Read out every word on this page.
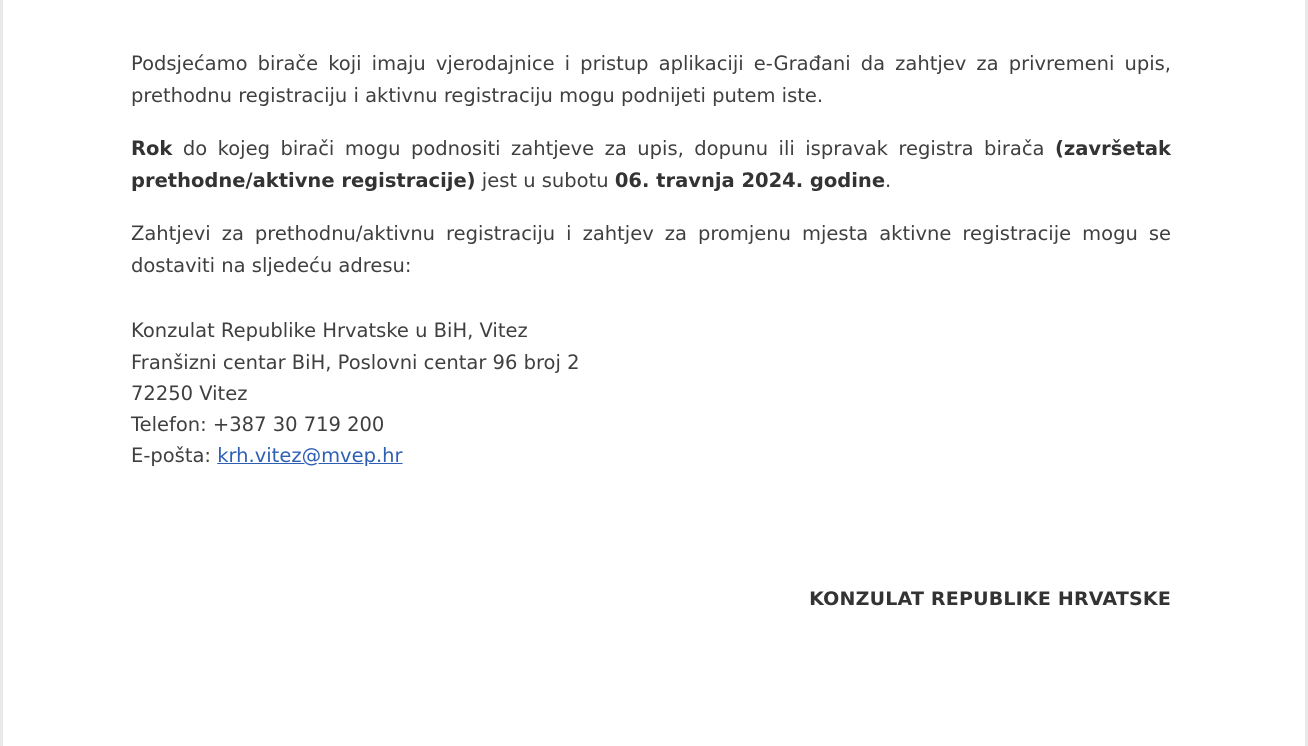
Podsjećamo birače koji imaju vjerodajnice i pristup aplikaciji e-Građani da zahtjev za privremeni upis, prethodnu registraciju i aktivnu registraciju mogu podnijeti putem iste.

Rok do kojeg birači mogu podnositi zahtjeve za upis, dopunu ili ispravak registra birača (završetak prethodne/aktivne registracije) jest u subotu 06. travnja 2024. godine.

Zahtjevi za prethodnu/aktivnu registraciju i zahtjev za promjenu mjesta aktivne registracije mogu se dostaviti na sljedeću adresu:

Konzulat Republike Hrvatske u BiH, Vitez
Franšizni centar BiH, Poslovni centar 96 broj 2
72250 Vitez
Telefon: +387 30 719 200
E-pošta: krh.vitez@mvep.hr
KONZULAT REPUBLIKE HRVATSKE
